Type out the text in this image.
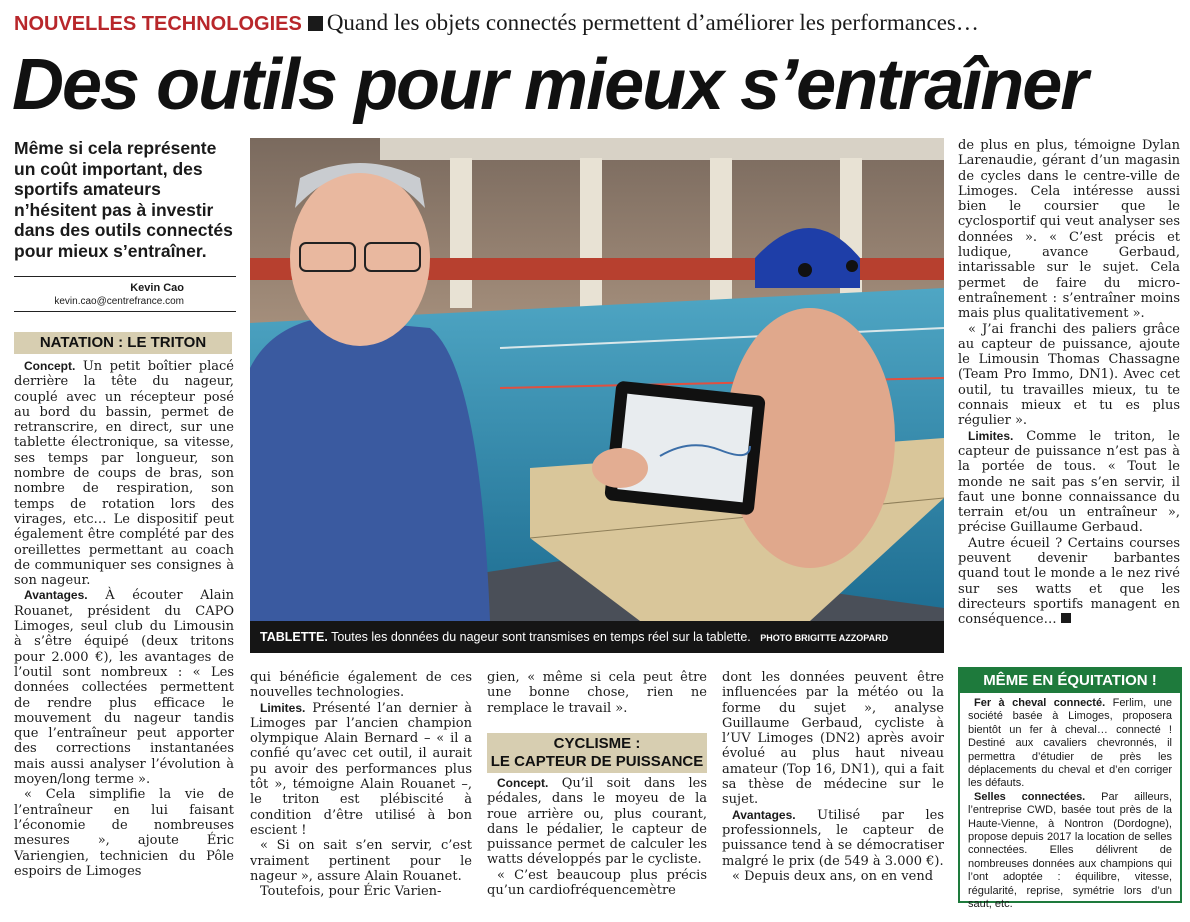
NOUVELLES TECHNOLOGIES Quand les objets connectés permettent d’améliorer les performances…
Des outils pour mieux s’entraîner
Même si cela représente un coût important, des sportifs amateurs n’hésitent pas à investir dans des outils connectés pour mieux s’entraîner.
Kevin Cao
kevin.cao@centrefrance.com
NATATION : LE TRITON

Concept. Un petit boîtier placé derrière la tête du nageur, couplé avec un récepteur posé au bord du bassin, permet de retranscrire, en direct, sur une tablette électronique, sa vitesse, ses temps par longueur, son nombre de coups de bras, son nombre de respiration, son temps de rotation lors des virages, etc… Le dispositif peut également être complété par des oreillettes permettant au coach de communiquer ses consignes à son nageur.

Avantages. À écouter Alain Rouanet, président du CAPO Limoges, seul club du Limousin à s’être équipé (deux tritons pour 2.000 €), les avantages de l’outil sont nombreux : « Les données collectées permettent de rendre plus efficace le mouvement du nageur tandis que l’entraîneur peut apporter des corrections instantanées mais aussi analyser l’évolution à moyen/long terme ».

« Cela simplifie la vie de l’entraîneur en lui faisant l’économie de nombreuses mesures », ajoute Éric Variengien, technicien du Pôle espoirs de Limoges

TABLETTE. Toutes les données du nageur sont transmises en temps réel sur la tablette. PHOTO BRIGITTE AZZOPARD

qui bénéficie également de ces nouvelles technologies.

Limites. Présenté l’an dernier à Limoges par l’ancien champion olympique Alain Bernard – « il a confié qu’avec cet outil, il aurait pu avoir des performances plus tôt », témoigne Alain Rouanet –, le triton est plébiscité à condition d’être utilisé à bon escient !

« Si on sait s’en servir, c’est vraiment pertinent pour le nageur », assure Alain Rouanet.

Toutefois, pour Éric Varien-

gien, « même si cela peut être une bonne chose, rien ne remplace le travail ».

CYCLISME :
LE CAPTEUR DE PUISSANCE

Concept. Qu’il soit dans les pédales, dans le moyeu de la roue arrière ou, plus courant, dans le pédalier, le capteur de puissance permet de calculer les watts développés par le cycliste.

« C’est beaucoup plus précis qu’un cardiofréquencemètre

dont les données peuvent être influencées par la météo ou la forme du sujet », analyse Guillaume Gerbaud, cycliste à l’UV Limoges (DN2) après avoir évolué au plus haut niveau amateur (Top 16, DN1), qui a fait sa thèse de médecine sur le sujet.

Avantages. Utilisé par les professionnels, le capteur de puissance tend à se démocratiser malgré le prix (de 549 à 3.000 €).

« Depuis deux ans, on en vend

de plus en plus, témoigne Dylan Larenaudie, gérant d’un magasin de cycles dans le centre-ville de Limoges. Cela intéresse aussi bien le coursier que le cyclosportif qui veut analyser ses données ». « C’est précis et ludique, avance Gerbaud, intarissable sur le sujet. Cela permet de faire du micro-entraînement : s’entraîner moins mais plus qualitativement ».

« J’ai franchi des paliers grâce au capteur de puissance, ajoute le Limousin Thomas Chassagne (Team Pro Immo, DN1). Avec cet outil, tu travailles mieux, tu te connais mieux et tu es plus régulier ».

Limites. Comme le triton, le capteur de puissance n’est pas à la portée de tous. « Tout le monde ne sait pas s’en servir, il faut une bonne connaissance du terrain et/ou un entraîneur », précise Guillaume Gerbaud.

Autre écueil ? Certains courses peuvent devenir barbantes quand tout le monde a le nez rivé sur ses watts et que les directeurs sportifs managent en conséquence…

MÊME EN ÉQUITATION !

Fer à cheval connecté. Ferlim, une société basée à Limoges, proposera bientôt un fer à cheval… connecté ! Destiné aux cavaliers chevronnés, il permettra d’étudier de près les déplacements du cheval et d’en corriger les défauts.

Selles connectées. Par ailleurs, l’entreprise CWD, basée tout près de la Haute-Vienne, à Nontron (Dordogne), propose depuis 2017 la location de selles connectées. Elles délivrent de nombreuses données aux champions qui l’ont adoptée : équilibre, vitesse, régularité, reprise, symétrie lors d’un saut, etc.
